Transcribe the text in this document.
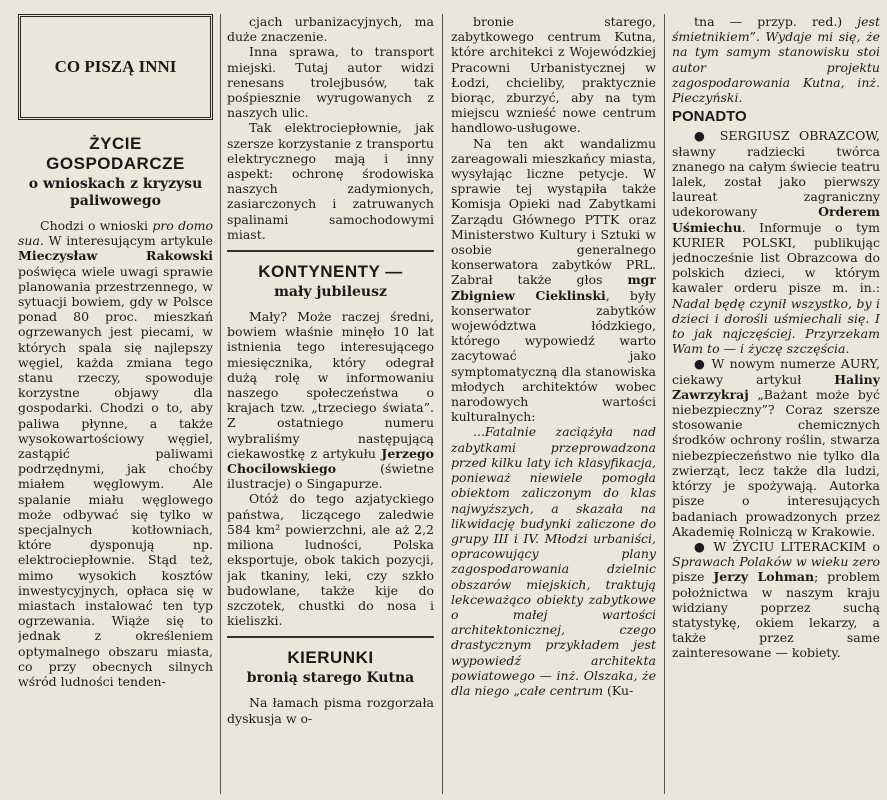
CO PISZĄ INNI
ŻYCIE GOSPODARCZE
o wnioskach z kryzysu paliwowego

Chodzi o wnioski pro domo sua. W interesującym artykule Mieczysław Rakowski poświęca wiele uwagi sprawie planowania przestrzennego, w sytuacji bowiem, gdy w Polsce ponad 80 proc. mieszkań ogrzewanych jest piecami, w których spala się najlepszy węgiel, każda zmiana tego stanu rzeczy, spowoduje korzystne objawy dla gospodarki. Chodzi o to, aby paliwa płynne, a także wysokowartościowy węgiel, zastąpić paliwami podrzędnymi, jak choćby miałem węglowym. Ale spalanie miału węglowego może odbywać się tylko w specjalnych kotłowniach, które dysponują np. elektrociepłownie. Stąd też, mimo wysokich kosztów inwestycyjnych, opłaca się w miastach instalować ten typ ogrzewania. Wiąże się to jednak z określeniem optymalnego obszaru miasta, co przy obecnych silnych wśród ludności tenden-

cjach urbanizacyjnych, ma duże znaczenie.

Inna sprawa, to transport miejski. Tutaj autor widzi renesans trolejbusów, tak pośpiesznie wyrugowanych z naszych ulic.

Tak elektrociepłownie, jak szersze korzystanie z transportu elektrycznego mają i inny aspekt: ochronę środowiska naszych zadymionych, zasiarczonych i zatruwanych spalinami samochodowymi miast.

KONTYNENTY —
mały jubileusz

Mały? Może raczej średni, bowiem właśnie minęło 10 lat istnienia tego interesującego miesięcznika, który odegrał dużą rolę w informowaniu naszego społeczeństwa o krajach tzw. „trzeciego świata”. Z ostatniego numeru wybraliśmy następującą ciekawostkę z artykułu Jerzego Chocilowskiego (świetne ilustracje) o Singapurze.

Otóż do tego azjatyckiego państwa, liczącego zaledwie 584 km² powierzchni, ale aż 2,2 miliona ludności, Polska eksportuje, obok takich pozycji, jak tkaniny, leki, czy szkło budowlane, także kije do szczotek, chustki do nosa i kieliszki.

KIERUNKI
bronią starego Kutna

Na łamach pisma rozgorzała dyskusja w o-

bronie starego, zabytkowego centrum Kutna, które architekci z Wojewódzkiej Pracowni Urbanistycznej w Łodzi, chcieliby, praktycznie biorąc, zburzyć, aby na tym miejscu wznieść nowe centrum handlowo-usługowe.

Na ten akt wandalizmu zareagowali mieszkańcy miasta, wysyłając liczne petycje. W sprawie tej wystąpiła także Komisja Opieki nad Zabytkami Zarządu Głównego PTTK oraz Ministerstwo Kultury i Sztuki w osobie generalnego konserwatora zabytków PRL. Zabrał także głos mgr Zbigniew Cieklinski, były konserwator zabytków województwa łódzkiego, którego wypowiedź warto zacytować jako symptomatyczną dla stanowiska młodych architektów wobec narodowych wartości kulturalnych:

...Fatalnie zaciążyła nad zabytkami przeprowadzona przed kilku laty ich klasyfikacja, ponieważ niewiele pomogła obiektom zaliczonym do klas najwyższych, a skazała na likwidację budynki zaliczone do grupy III i IV. Młodzi urbaniści, opracowujący plany zagospodarowania dzielnic obszarów miejskich, traktują lekceważąco obiekty zabytkowe o małej wartości architektonicznej, czego drastycznym przykładem jest wypowiedź architekta powiatowego — inż. Olszaka, że dla niego „całe centrum (Ku-

tna — przyp. red.) jest śmietnikiem”. Wydaje mi się, że na tym samym stanowisku stoi autor projektu zagospodarowania Kutna, inż. Pieczyński.

PONADTO

● SERGIUSZ OBRAZCOW, sławny radziecki twórca znanego na całym świecie teatru lalek, został jako pierwszy laureat zagraniczny udekorowany Orderem Uśmiechu. Informuje o tym KURIER POLSKI, publikując jednocześnie list Obrazcowa do polskich dzieci, w którym kawaler orderu pisze m. in.: Nadal będę czynił wszystko, by i dzieci i dorośli uśmiechali się. I to jak najczęściej. Przyrzekam Wam to — i życzę szczęścia.

● W nowym numerze AURY, ciekawy artykuł Haliny Zawrzykraj „Bażant może być niebezpieczny”? Coraz szersze stosowanie chemicznych środków ochrony roślin, stwarza niebezpieczeństwo nie tylko dla zwierząt, lecz także dla ludzi, którzy je spożywają. Autorka pisze o interesujących badaniach prowadzonych przez Akademię Rolniczą w Krakowie.

● W ŻYCIU LITERACKIM o Sprawach Polaków w wieku zero pisze Jerzy Lohman; problem położnictwa w naszym kraju widziany poprzez suchą statystykę, okiem lekarzy, a także przez same zainteresowane — kobiety.
